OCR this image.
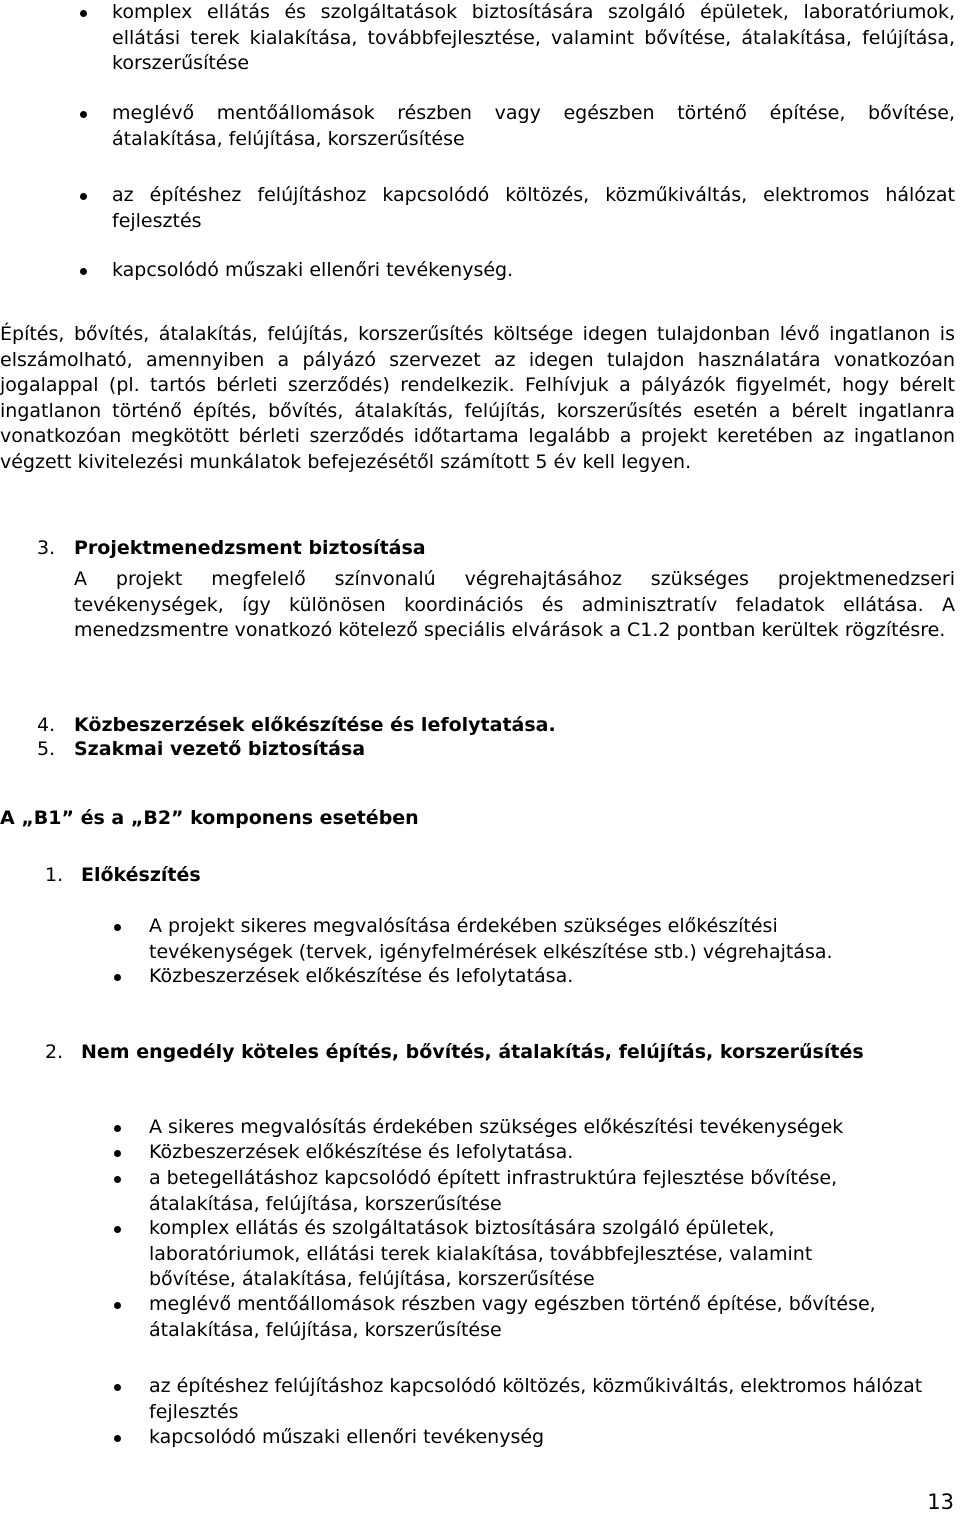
komplex ellátás és szolgáltatások biztosítására szolgáló épületek, laboratóriumok, ellátási terek kialakítása, továbbfejlesztése, valamint bővítése, átalakítása, felújítása, korszerűsítése
meglévő mentőállomások részben vagy egészben történő építése, bővítése, átalakítása, felújítása, korszerűsítése
az építéshez felújításhoz kapcsolódó költözés, közműkiváltás, elektromos hálózat fejlesztés
kapcsolódó műszaki ellenőri tevékenység.
Építés, bővítés, átalakítás, felújítás, korszerűsítés költsége idegen tulajdonban lévő ingatlanon is elszámolható, amennyiben a pályázó szervezet az idegen tulajdon használatára vonatkozóan jogalappal (pl. tartós bérleti szerződés) rendelkezik. Felhívjuk a pályázók figyelmét, hogy bérelt ingatlanon történő építés, bővítés, átalakítás, felújítás, korszerűsítés esetén a bérelt ingatlanra vonatkozóan megkötött bérleti szerződés időtartama legalább a projekt keretében az ingatlanon végzett kivitelezési munkálatok befejezésétől számított 5 év kell legyen.
3. Projektmenedzsment biztosítása
A projekt megfelelő színvonalú végrehajtásához szükséges projektmenedzseri tevékenységek, így különösen koordinációs és adminisztratív feladatok ellátása. A menedzsmentre vonatkozó kötelező speciális elvárások a C1.2 pontban kerültek rögzítésre.
4. Közbeszerzések előkészítése és lefolytatása.
5. Szakmai vezető biztosítása
A „B1” és a „B2” komponens esetében
1. Előkészítés
A projekt sikeres megvalósítása érdekében szükséges előkészítési tevékenységek (tervek, igényfelmérések elkészítése stb.) végrehajtása.
Közbeszerzések előkészítése és lefolytatása.
2. Nem engedély köteles építés, bővítés, átalakítás, felújítás, korszerűsítés
A sikeres megvalósítás érdekében szükséges előkészítési tevékenységek
Közbeszerzések előkészítése és lefolytatása.
a betegellátáshoz kapcsolódó épített infrastruktúra fejlesztése bővítése, átalakítása, felújítása, korszerűsítése
komplex ellátás és szolgáltatások biztosítására szolgáló épületek, laboratóriumok, ellátási terek kialakítása, továbbfejlesztése, valamint bővítése, átalakítása, felújítása, korszerűsítése
meglévő mentőállomások részben vagy egészben történő építése, bővítése, átalakítása, felújítása, korszerűsítése
az építéshez felújításhoz kapcsolódó költözés, közműkiváltás, elektromos hálózat fejlesztés
kapcsolódó műszaki ellenőri tevékenység
13
